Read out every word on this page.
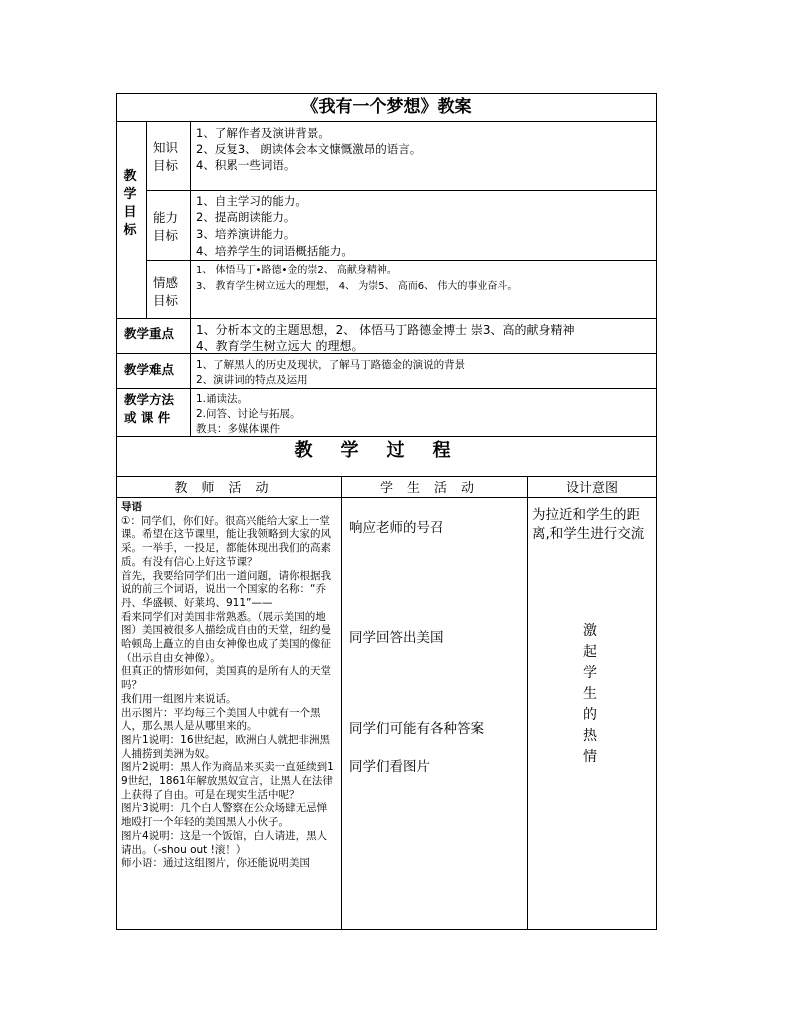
《我有一个梦想》教案
教学目标
知识
目标
1、了解作者及演讲背景。
2、反复3、 朗读体会本文慷慨激昂的语言。
4、积累一些词语。
能力
目标
1、自主学习的能力。
2、提高朗读能力。
3、培养演讲能力。
4、培养学生的词语概括能力。
情感
目标
1、 体悟马丁•路德•金的崇2、 高献身精神。
3、 教育学生树立远大的理想， 4、 为崇5、 高而6、 伟大的事业奋斗。
教学重点 1、分析本文的主题思想，2、 体悟马丁路德金博士 崇3、高的献身精神
4、教育学生树立远大 的理想。
教学难点 1、了解黑人的历史及现状，了解马丁路德金的演说的背景
2、演讲词的特点及运用
教学方法
或 课 件
1.诵读法。
2.问答、讨论与拓展。
教具：多媒体课件
教学过程
教师活动	学生活动	设计意图

导语

①：同学们，你们好。很高兴能给大家上一堂课。希望在这节课里，能让我领略到大家的风采。一举手，一投足，都能体现出我们的高素质。有没有信心上好这节课？

首先，我要给同学们出一道问题，请你根据我说的前三个词语，说出一个国家的名称：“乔丹、华盛顿、好莱坞、911”——

看来同学们对美国非常熟悉。（展示美国的地图）美国被很多人描绘成自由的天堂，纽约曼哈顿岛上矗立的自由女神像也成了美国的像征（出示自由女神像）。

但真正的情形如何，美国真的是所有人的天堂吗？

我们用一组图片来说话。

出示图片：平均每三个美国人中就有一个黑人，那么黑人是从哪里来的。

图片1说明：16世纪起，欧洲白人就把非洲黑人捕捞到美洲为奴。

图片2说明：黑人作为商品来买卖一直延续到19世纪，1861年解放黑奴宣言，让黑人在法律上获得了自由。可是在现实生活中呢？

图片3说明：几个白人警察在公众场肆无忌惮地殴打一个年轻的美国黑人小伙子。

图片4说明：这是一个饭馆，白人请进，黑人请出。（-shou out !滚！）

师小语：通过这组图片，你还能说明美国

响应老师的号召
同学回答出美国
同学们可能有各种答案
同学们看图片
为拉近和学生的距离,和学生进行交流
激起学生的热情
